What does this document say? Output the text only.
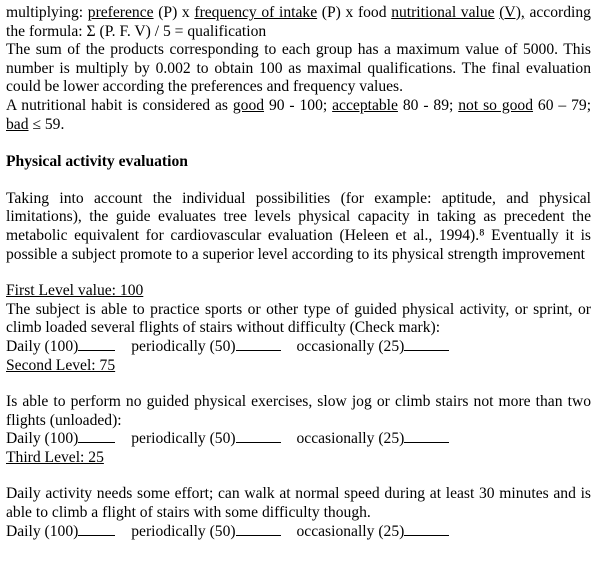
multiplying: preference (P) x frequency of intake (P) x food nutritional value (V), according the formula: Σ (P. F. V) / 5 = qualification

The sum of the products corresponding to each group has a maximum value of 5000. This number is multiply by 0.002 to obtain 100 as maximal qualifications. The final evaluation could be lower according the preferences and frequency values.

A nutritional habit is considered as good 90 - 100; acceptable 80 - 89; not so good 60 – 79; bad ≤ 59.

Physical activity evaluation

Taking into account the individual possibilities (for example: aptitude, and physical limitations), the guide evaluates tree levels physical capacity in taking as precedent the metabolic equivalent for cardiovascular evaluation (Heleen et al., 1994).⁸ Eventually it is possible a subject promote to a superior level according to its physical strength improvement

First Level value: 100

The subject is able to practice sports or other type of guided physical activity, or sprint, or climb loaded several flights of stairs without difficulty (Check mark):

Daily (100)	periodically (50)	occasionally (25)

Second Level: 75

Is able to perform no guided physical exercises, slow jog or climb stairs not more than two flights (unloaded):

Daily (100)	periodically (50)	occasionally (25)

Third Level: 25

Daily activity needs some effort; can walk at normal speed during at least 30 minutes and is able to climb a flight of stairs with some difficulty though.

Daily (100)	periodically (50)	occasionally (25)
